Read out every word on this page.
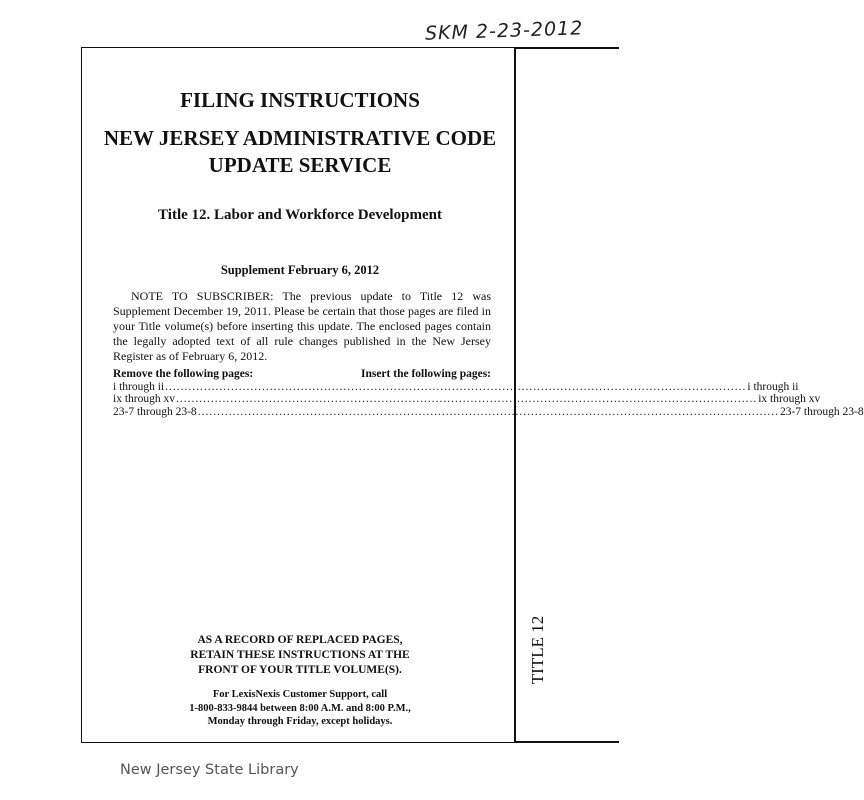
SKM 2-23-2012
TITLE 12
FILING INSTRUCTIONS
NEW JERSEY ADMINISTRATIVE CODE
UPDATE SERVICE
Title 12. Labor and Workforce Development
Supplement February 6, 2012
NOTE TO SUBSCRIBER: The previous update to Title 12 was Supplement December 19, 2011. Please be certain that those pages are filed in your Title volume(s) before inserting this update. The enclosed pages contain the legally adopted text of all rule changes published in the New Jersey Register as of February 6, 2012.
Remove the following pages:	Insert the following pages:
i through ii ...................................................................................................................................................... i through ii
ix through xv ...................................................................................................................................................... ix through xv
23-7 through 23-8 ...................................................................................................................................................... 23-7 through 23-8
AS A RECORD OF REPLACED PAGES,
RETAIN THESE INSTRUCTIONS AT THE
FRONT OF YOUR TITLE VOLUME(S).
For LexisNexis Customer Support, call
1-800-833-9844 between 8:00 A.M. and 8:00 P.M.,
Monday through Friday, except holidays.
New Jersey State Library
